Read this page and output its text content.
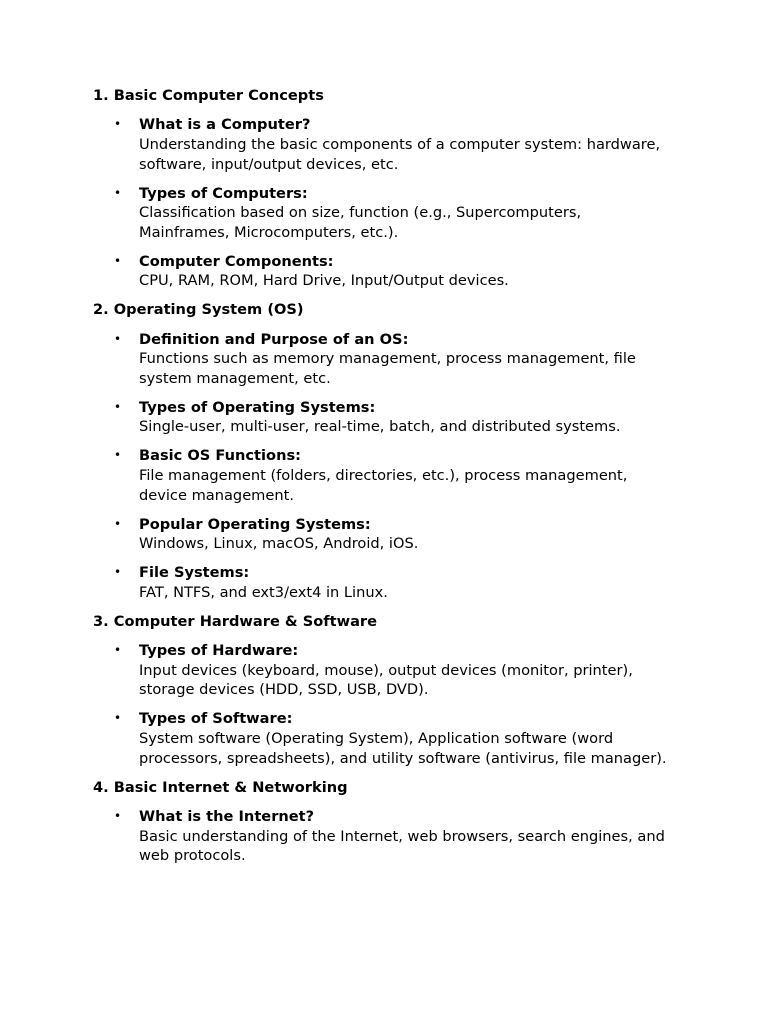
1. Basic Computer Concepts
• What is a Computer?
Understanding the basic components of a computer system: hardware, software, input/output devices, etc.
• Types of Computers:
Classification based on size, function (e.g., Supercomputers, Mainframes, Microcomputers, etc.).
• Computer Components:
CPU, RAM, ROM, Hard Drive, Input/Output devices.
2. Operating System (OS)
• Definition and Purpose of an OS:
Functions such as memory management, process management, file system management, etc.
• Types of Operating Systems:
Single-user, multi-user, real-time, batch, and distributed systems.
• Basic OS Functions:
File management (folders, directories, etc.), process management, device management.
• Popular Operating Systems:
Windows, Linux, macOS, Android, iOS.
• File Systems:
FAT, NTFS, and ext3/ext4 in Linux.
3. Computer Hardware & Software
• Types of Hardware:
Input devices (keyboard, mouse), output devices (monitor, printer), storage devices (HDD, SSD, USB, DVD).
• Types of Software:
System software (Operating System), Application software (word processors, spreadsheets), and utility software (antivirus, file manager).
4. Basic Internet & Networking
• What is the Internet?
Basic understanding of the Internet, web browsers, search engines, and web protocols.
